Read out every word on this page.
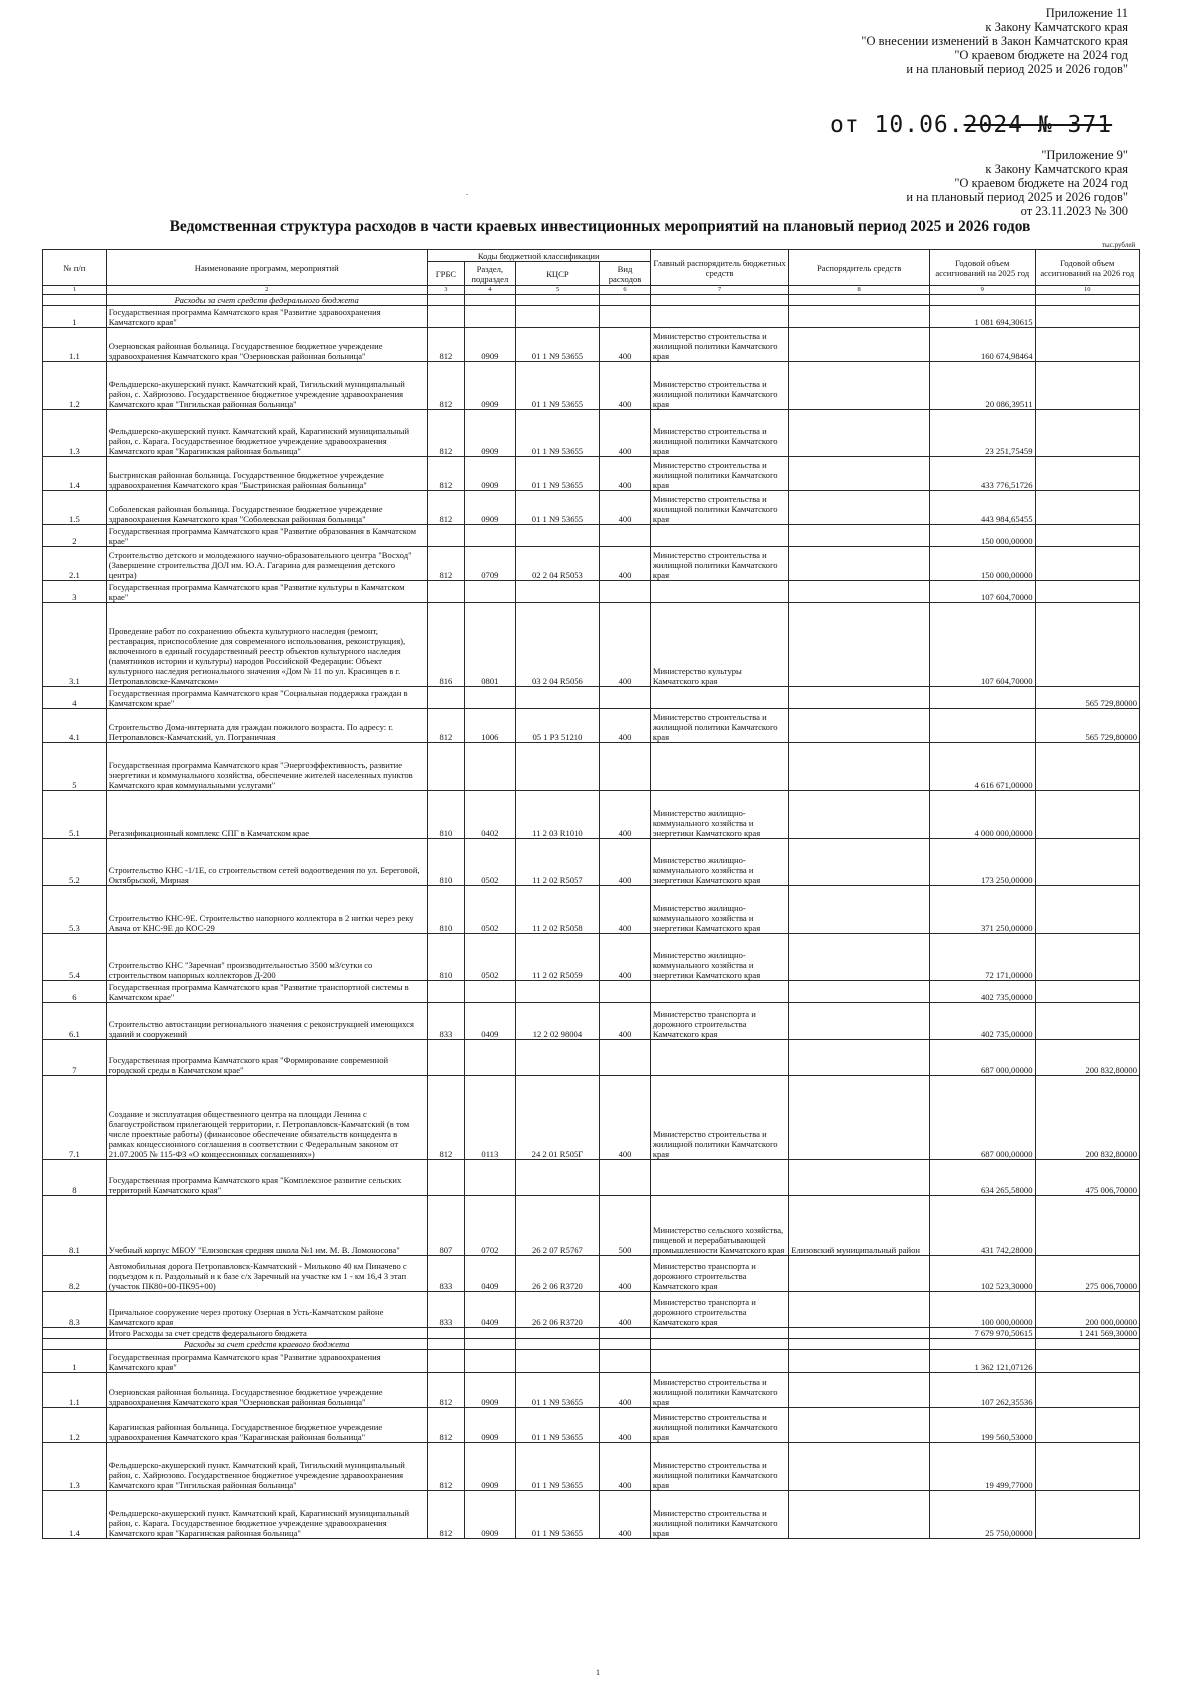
Приложение 11
к Закону Камчатского края
"О внесении изменений в Закон Камчатского края
"О краевом бюджете на 2024 год
и на плановый период 2025 и 2026 годов"
от 10.06.2024 № 371
"Приложение 9"
к Закону Камчатского края
"О краевом бюджете на 2024 год
и на плановый период 2025 и 2026 годов"
от 23.11.2023 № 300
.
Ведомственная структура расходов в части краевых инвестиционных мероприятий на плановый период 2025 и 2026 годов
тыс.рублей
№ п/п	Наименование программ, мероприятий	Коды бюджетной классификации				Главный распорядитель бюджетных средств	Распорядитель средств	Годовой объем ассигнований на 2025 год	Годовой объем ассигнований на 2026 год
		ГРБС	Раздел, подраздел	КЦСР	Вид расходов				
1	2	3	4	5	6	7	8	9	10
	Расходы за счет средств федерального бюджета								
1	Государственная программа Камчатского края "Развитие здравоохранения Камчатского края"							1 081 694,30615	
1.1	Озерновская районная больница. Государственное бюджетное учреждение здравоохранения Камчатского края "Озерновская районная больница"	812	0909	01 1 N9 53655	400	Министерство строительства и жилищной политики Камчатского края		160 674,98464	
1.2	Фельдшерско-акушерский пункт. Камчатский край, Тигильский муниципальный район, с. Хайрюзово. Государственное бюджетное учреждение здравоохранения Камчатского края "Тигильская районная больница"	812	0909	01 1 N9 53655	400	Министерство строительства и жилищной политики Камчатского края		20 086,39511	
1.3	Фельдшерско-акушерский пункт. Камчатский край, Карагинский муниципальный район, с. Карага. Государственное бюджетное учреждение здравоохранения Камчатского края "Карагинская районная больница"	812	0909	01 1 N9 53655	400	Министерство строительства и жилищной политики Камчатского края		23 251,75459	
1.4	Быстринская районная больница. Государственное бюджетное учреждение здравоохранения Камчатского края "Быстринская районная больница"	812	0909	01 1 N9 53655	400	Министерство строительства и жилищной политики Камчатского края		433 776,51726	
1.5	Соболевская районная больница. Государственное бюджетное учреждение здравоохранения Камчатского края "Соболевская районная больница"	812	0909	01 1 N9 53655	400	Министерство строительства и жилищной политики Камчатского края		443 984,65455	
2	Государственная программа Камчатского края "Развитие образования в Камчатском крае"							150 000,00000	
2.1	Строительство детского и молодежного научно-образовательного центра "Восход" (Завершение строительства ДОЛ им. Ю.А. Гагарина для размещения детского центра)	812	0709	02 2 04 R5053	400	Министерство строительства и жилищной политики Камчатского края		150 000,00000	
3	Государственная программа Камчатского края "Развитие культуры в Камчатском крае"							107 604,70000	
3.1	Проведение работ по сохранению объекта культурного наследия (ремонт, реставрация, приспособление для современного использования, реконструкция), включенного в единый государственный реестр объектов культурного наследия (памятников истории и культуры) народов Российской Федерации: Объект культурного наследия регионального значения «Дом № 11 по ул. Красинцев в г. Петропавловске-Камчатском»	816	0801	03 2 04 R5056	400	Министерство культуры Камчатского края		107 604,70000	
4	Государственная программа Камчатского края "Социальная поддержка граждан в Камчатском крае"								565 729,80000
4.1	Строительство Дома-интерната для граждан пожилого возраста. По адресу: г. Петропавловск-Камчатский, ул. Пограничная	812	1006	05 1 P3 51210	400	Министерство строительства и жилищной политики Камчатского края			565 729,80000
5	Государственная программа Камчатского края "Энергоэффективность, развитие энергетики и коммунального хозяйства, обеспечение жителей населенных пунктов Камчатского края коммунальными услугами"							4 616 671,00000	
5.1	Регазификационный комплекс СПГ в Камчатском крае	810	0402	11 2 03 R1010	400	Министерство жилищно-коммунального хозяйства и энергетики Камчатского края		4 000 000,00000	
5.2	Строительство КНС -1/1Е, со строительством сетей водоотведения по ул. Береговой, Октябрьской, Мирная	810	0502	11 2 02 R5057	400	Министерство жилищно-коммунального хозяйства и энергетики Камчатского края		173 250,00000	
5.3	Строительство КНС-9Е. Строительство напорного коллектора в 2 нитки через реку Авача от КНС-9Е до КОС-29	810	0502	11 2 02 R5058	400	Министерство жилищно-коммунального хозяйства и энергетики Камчатского края		371 250,00000	
5.4	Строительство КНС "Заречная" производительностью 3500 м3/сутки со строительством напорных коллекторов Д-200	810	0502	11 2 02 R5059	400	Министерство жилищно-коммунального хозяйства и энергетики Камчатского края		72 171,00000	
6	Государственная программа Камчатского края "Развитие транспортной системы в Камчатском крае"							402 735,00000	
6.1	Строительство автостанции регионального значения с реконструкцией имеющихся зданий и сооружений	833	0409	12 2 02 98004	400	Министерство транспорта и дорожного строительства Камчатского края		402 735,00000	
7	Государственная программа Камчатского края "Формирование современной городской среды в Камчатском крае"							687 000,00000	200 832,80000
7.1	Создание и эксплуатация общественного центра на площади Ленина с благоустройством прилегающей территории, г. Петропавловск-Камчатский (в том числе проектные работы) (финансовое обеспечение обязательств концедента в рамках концессионного соглашения в соответствии с Федеральным законом от 21.07.2005 № 115-ФЗ «О концессионных соглашениях»)	812	0113	24 2 01 R505Г	400	Министерство строительства и жилищной политики Камчатского края		687 000,00000	200 832,80000
8	Государственная программа Камчатского края "Комплексное развитие сельских территорий Камчатского края"							634 265,58000	475 006,70000
8.1	Учебный корпус МБОУ "Елизовская средняя школа №1 им. М. В. Ломоносова"	807	0702	26 2 07 R5767	500	Министерство сельского хозяйства, пищевой и перерабатывающей промышленности Камчатского края	Елизовский муниципальный район	431 742,28000	
8.2	Автомобильная дорога Петропавловск-Камчатский - Мильково 40 км Пиначево с подъездом к п. Раздольный и к базе с/х Заречный на участке км 1 - км 16,4 3 этап (участок ПК80+00-ПК95+00)	833	0409	26 2 06 R3720	400	Министерство транспорта и дорожного строительства Камчатского края		102 523,30000	275 006,70000
8.3	Причальное сооружение через протоку Озерная в Усть-Камчатском районе Камчатского края	833	0409	26 2 06 R3720	400	Министерство транспорта и дорожного строительства Камчатского края		100 000,00000	200 000,00000
	Итого Расходы за счет средств федерального бюджета							7 679 970,50615	1 241 569,30000
	Расходы за счет средств краевого бюджета								
1	Государственная программа Камчатского края "Развитие здравоохранения Камчатского края"							1 362 121,07126	
1.1	Озерновская районная больница. Государственное бюджетное учреждение здравоохранения Камчатского края "Озерновская районная больница"	812	0909	01 1 N9 53655	400	Министерство строительства и жилищной политики Камчатского края		107 262,35536	
1.2	Карагинская районная больница. Государственное бюджетное учреждение здравоохранения Камчатского края "Карагинская районная больница"	812	0909	01 1 N9 53655	400	Министерство строительства и жилищной политики Камчатского края		199 560,53000	
1.3	Фельдшерско-акушерский пункт. Камчатский край, Тигильский муниципальный район, с. Хайрюзово. Государственное бюджетное учреждение здравоохранения Камчатского края "Тигильская районная больница"	812	0909	01 1 N9 53655	400	Министерство строительства и жилищной политики Камчатского края		19 499,77000	
1.4	Фельдшерско-акушерский пункт. Камчатский край, Карагинский муниципальный район, с. Карага. Государственное бюджетное учреждение здравоохранения Камчатского края "Карагинская районная больница"	812	0909	01 1 N9 53655	400	Министерство строительства и жилищной политики Камчатского края		25 750,00000	
1
